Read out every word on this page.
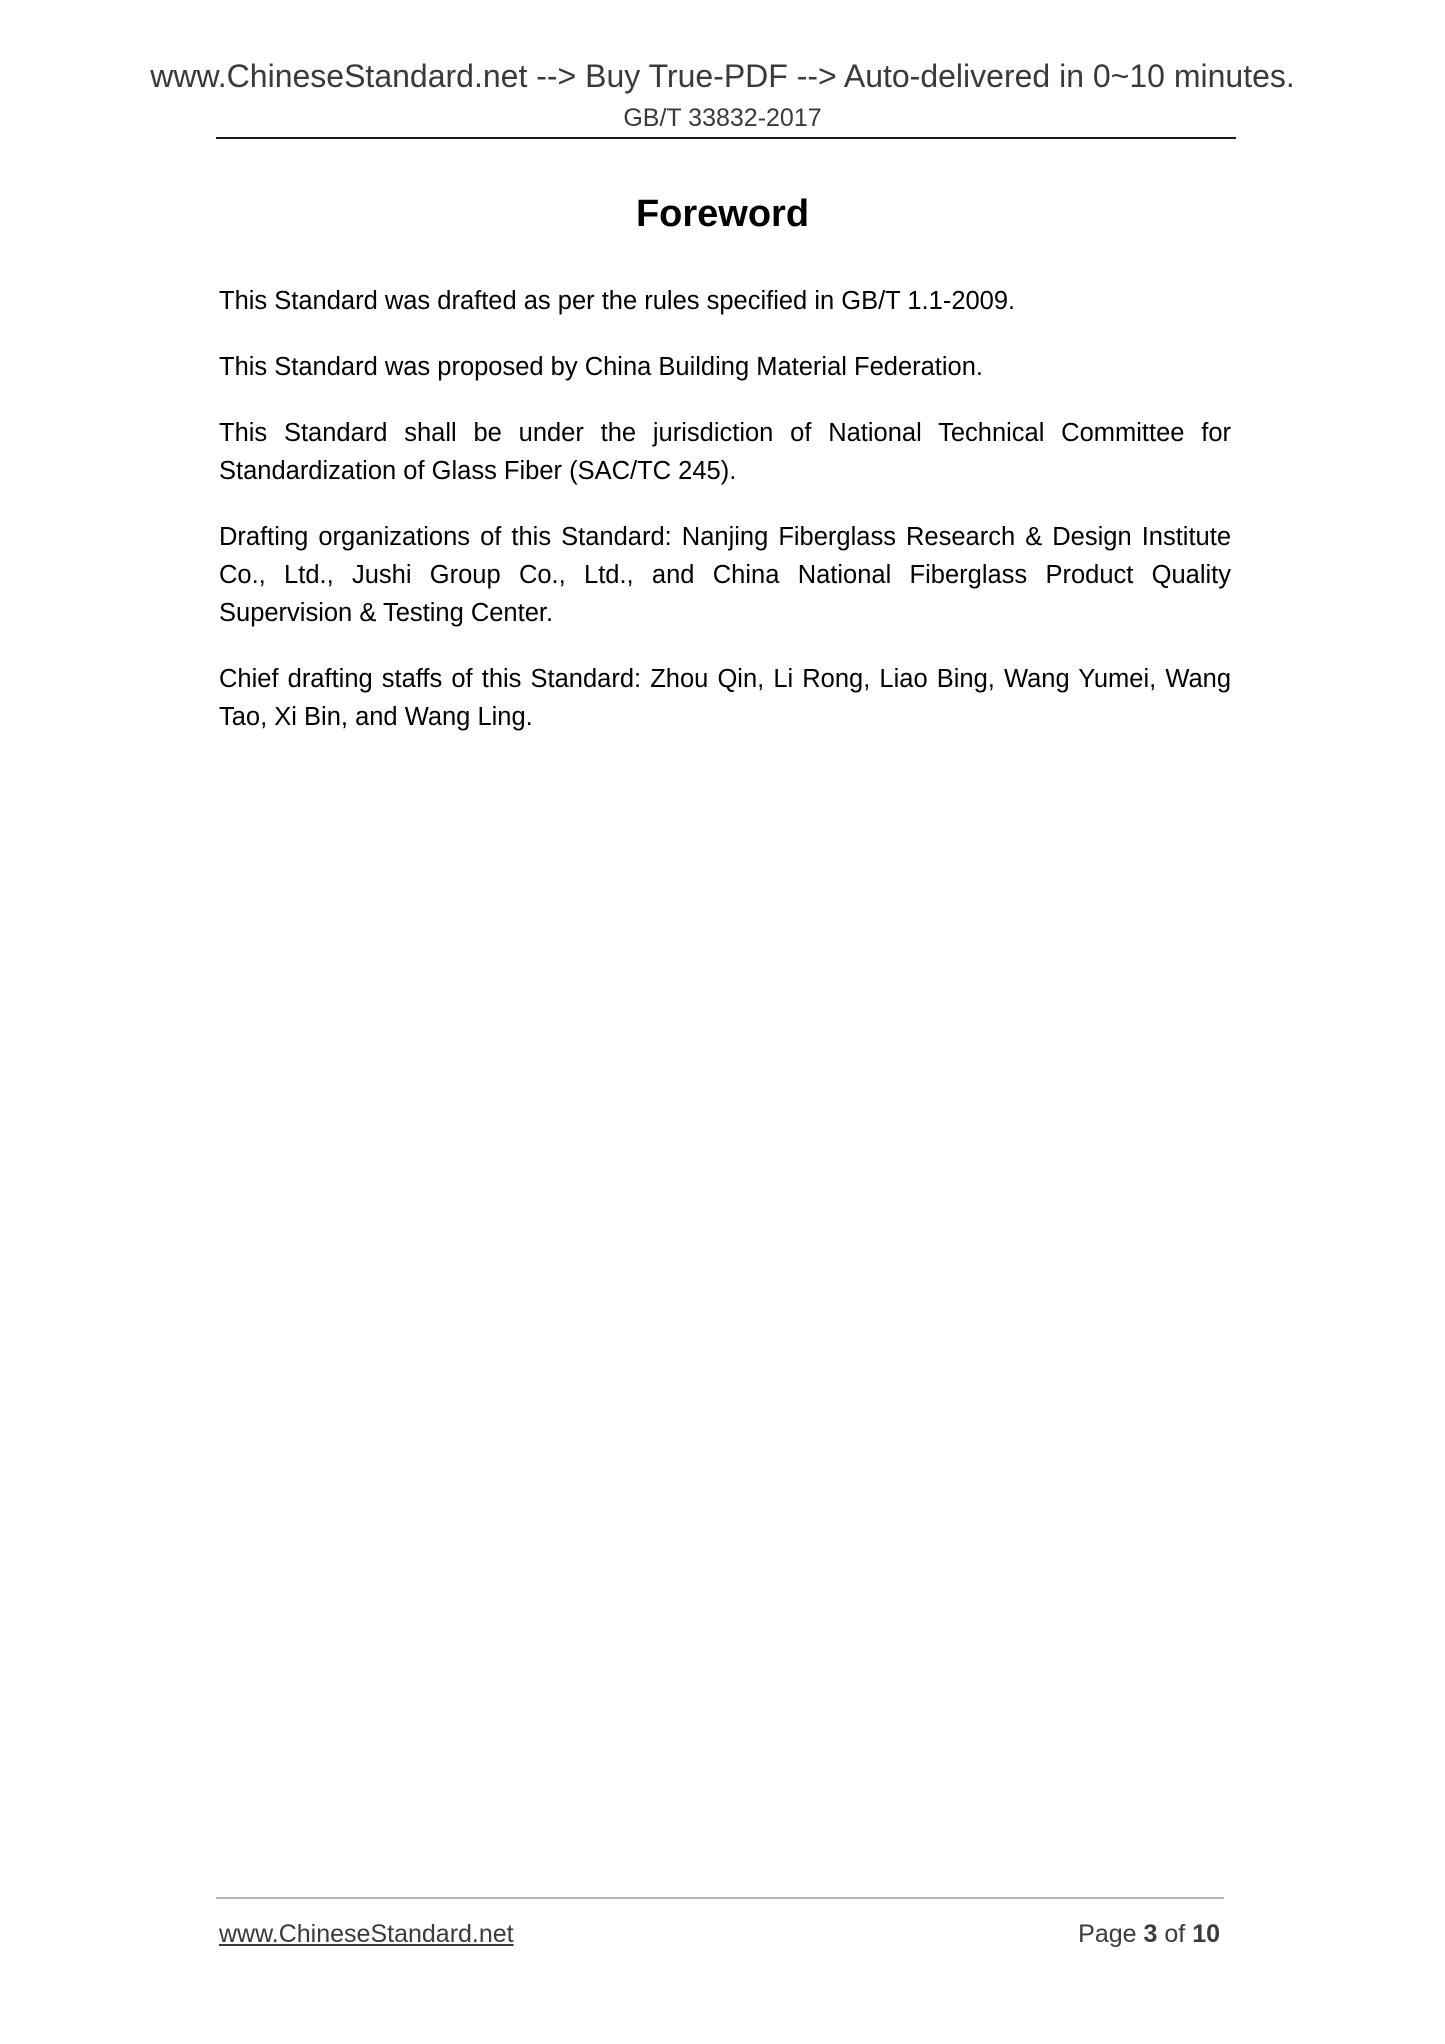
www.ChineseStandard.net --> Buy True-PDF --> Auto-delivered in 0~10 minutes.
GB/T 33832-2017
Foreword

This Standard was drafted as per the rules specified in GB/T 1.1-2009.

This Standard was proposed by China Building Material Federation.

This Standard shall be under the jurisdiction of National Technical Committee for Standardization of Glass Fiber (SAC/TC 245).

Drafting organizations of this Standard: Nanjing Fiberglass Research & Design Institute Co., Ltd., Jushi Group Co., Ltd., and China National Fiberglass Product Quality Supervision & Testing Center.

Chief drafting staffs of this Standard: Zhou Qin, Li Rong, Liao Bing, Wang Yumei, Wang Tao, Xi Bin, and Wang Ling.

www.ChineseStandard.net	Page 3 of 10
